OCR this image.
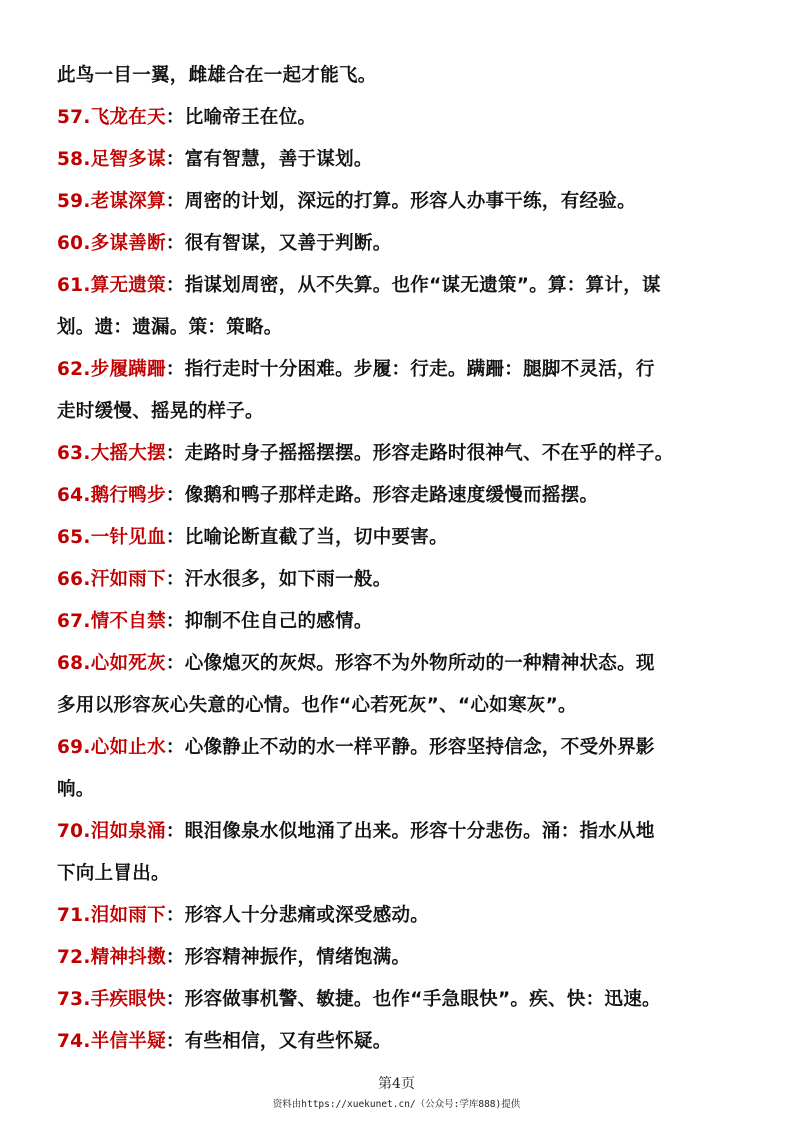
此鸟一目一翼，雌雄合在一起才能飞。
57.飞龙在天：比喻帝王在位。
58.足智多谋：富有智慧，善于谋划。
59.老谋深算：周密的计划，深远的打算。形容人办事干练，有经验。
60.多谋善断：很有智谋，又善于判断。
61.算无遗策：指谋划周密，从不失算。也作“谋无遗策”。算：算计，谋
划。遗：遗漏。策：策略。
62.步履蹒跚：指行走时十分困难。步履：行走。蹒跚：腿脚不灵活，行
走时缓慢、摇晃的样子。
63.大摇大摆：走路时身子摇摇摆摆。形容走路时很神气、不在乎的样子。
64.鹅行鸭步：像鹅和鸭子那样走路。形容走路速度缓慢而摇摆。
65.一针见血：比喻论断直截了当，切中要害。
66.汗如雨下：汗水很多，如下雨一般。
67.情不自禁：抑制不住自己的感情。
68.心如死灰：心像熄灭的灰烬。形容不为外物所动的一种精神状态。现
多用以形容灰心失意的心情。也作“心若死灰”、“心如寒灰”。
69.心如止水：心像静止不动的水一样平静。形容坚持信念，不受外界影
响。
70.泪如泉涌：眼泪像泉水似地涌了出来。形容十分悲伤。涌：指水从地
下向上冒出。
71.泪如雨下：形容人十分悲痛或深受感动。
72.精神抖擞：形容精神振作，情绪饱满。
73.手疾眼快：形容做事机警、敏捷。也作“手急眼快”。疾、快：迅速。
74.半信半疑：有些相信，又有些怀疑。
第4页
资料由https://xuekunet.cn/（公众号:学库888)提供
